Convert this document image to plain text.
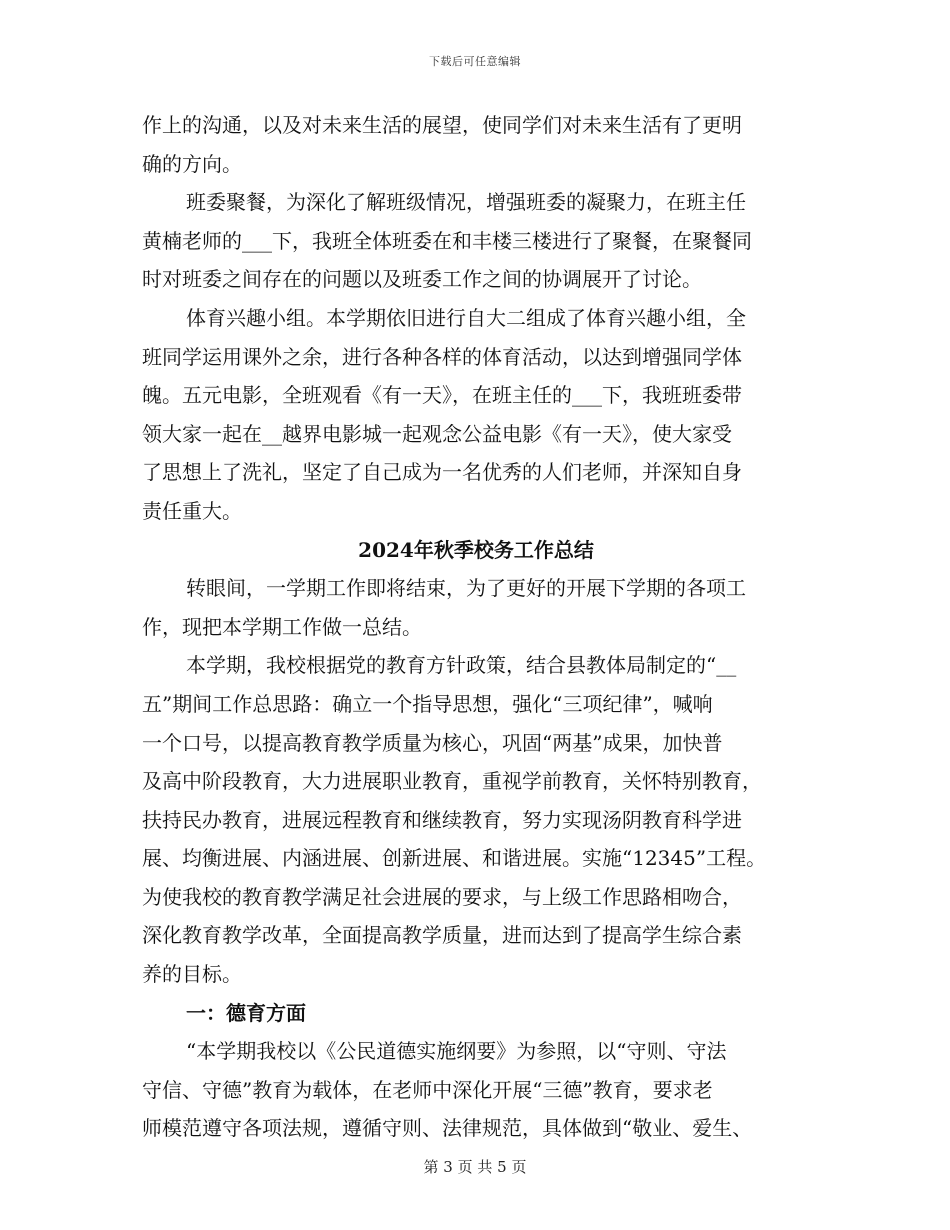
下载后可任意编辑
作上的沟通，以及对未来生活的展望，使同学们对未来生活有了更明
确的方向。
班委聚餐，为深化了解班级情况，增强班委的凝聚力，在班主任
黄楠老师的___下，我班全体班委在和丰楼三楼进行了聚餐，在聚餐同
时对班委之间存在的问题以及班委工作之间的协调展开了讨论。
体育兴趣小组。本学期依旧进行自大二组成了体育兴趣小组，全
班同学运用课外之余，进行各种各样的体育活动，以达到增强同学体
魄。五元电影，全班观看《有一天》，在班主任的___下，我班班委带
领大家一起在__越界电影城一起观念公益电影《有一天》，使大家受
了思想上了洗礼，坚定了自己成为一名优秀的人们老师，并深知自身
责任重大。
2024年秋季校务工作总结
转眼间，一学期工作即将结束，为了更好的开展下学期的各项工
作，现把本学期工作做一总结。
本学期，我校根据党的教育方针政策，结合县教体局制定的“__
五”期间工作总思路：确立一个指导思想，强化“三项纪律”，喊响
一个口号，以提高教育教学质量为核心，巩固“两基”成果，加快普
及高中阶段教育，大力进展职业教育，重视学前教育，关怀特别教育，
扶持民办教育，进展远程教育和继续教育，努力实现汤阴教育科学进
展、均衡进展、内涵进展、创新进展、和谐进展。实施“12345”工程。
为使我校的教育教学满足社会进展的要求，与上级工作思路相吻合，
深化教育教学改革，全面提高教学质量，进而达到了提高学生综合素
养的目标。
一：德育方面
“本学期我校以《公民道德实施纲要》为参照，以“守则、守法
守信、守德”教育为载体，在老师中深化开展“三德”教育，要求老
师模范遵守各项法规，遵循守则、法律规范，具体做到“敬业、爱生、
第 3 页 共 5 页
